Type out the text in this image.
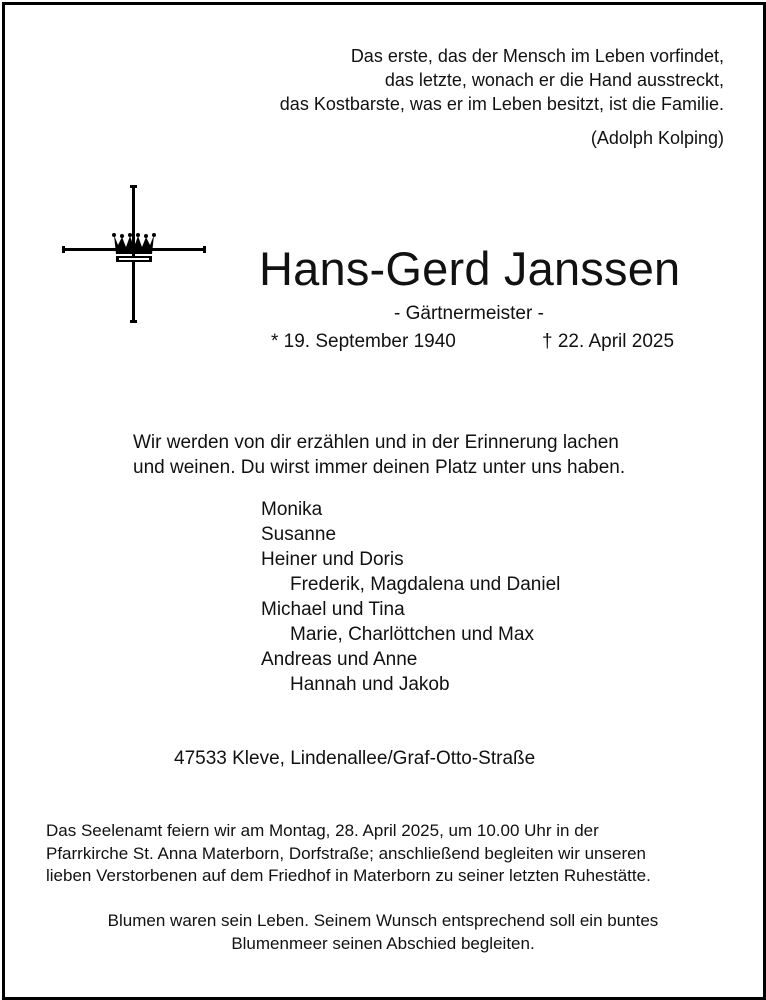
Das erste, das der Mensch im Leben vorfindet,
das letzte, wonach er die Hand ausstreckt,
das Kostbarste, was er im Leben besitzt, ist die Familie.
(Adolph Kolping)
Hans-Gerd Janssen
- Gärtnermeister -
* 19. September 1940	† 22. April 2025
Wir werden von dir erzählen und in der Erinnerung lachen
und weinen. Du wirst immer deinen Platz unter uns haben.
Monika
Susanne
Heiner und Doris
Frederik, Magdalena und Daniel
Michael und Tina
Marie, Charlöttchen und Max
Andreas und Anne
Hannah und Jakob
47533 Kleve, Lindenallee/Graf-Otto-Straße
Das Seelenamt feiern wir am Montag, 28. April 2025, um 10.00 Uhr in der
Pfarrkirche St. Anna Materborn, Dorfstraße; anschließend begleiten wir unseren
lieben Verstorbenen auf dem Friedhof in Materborn zu seiner letzten Ruhestätte.
Blumen waren sein Leben. Seinem Wunsch entsprechend soll ein buntes
Blumenmeer seinen Abschied begleiten.
